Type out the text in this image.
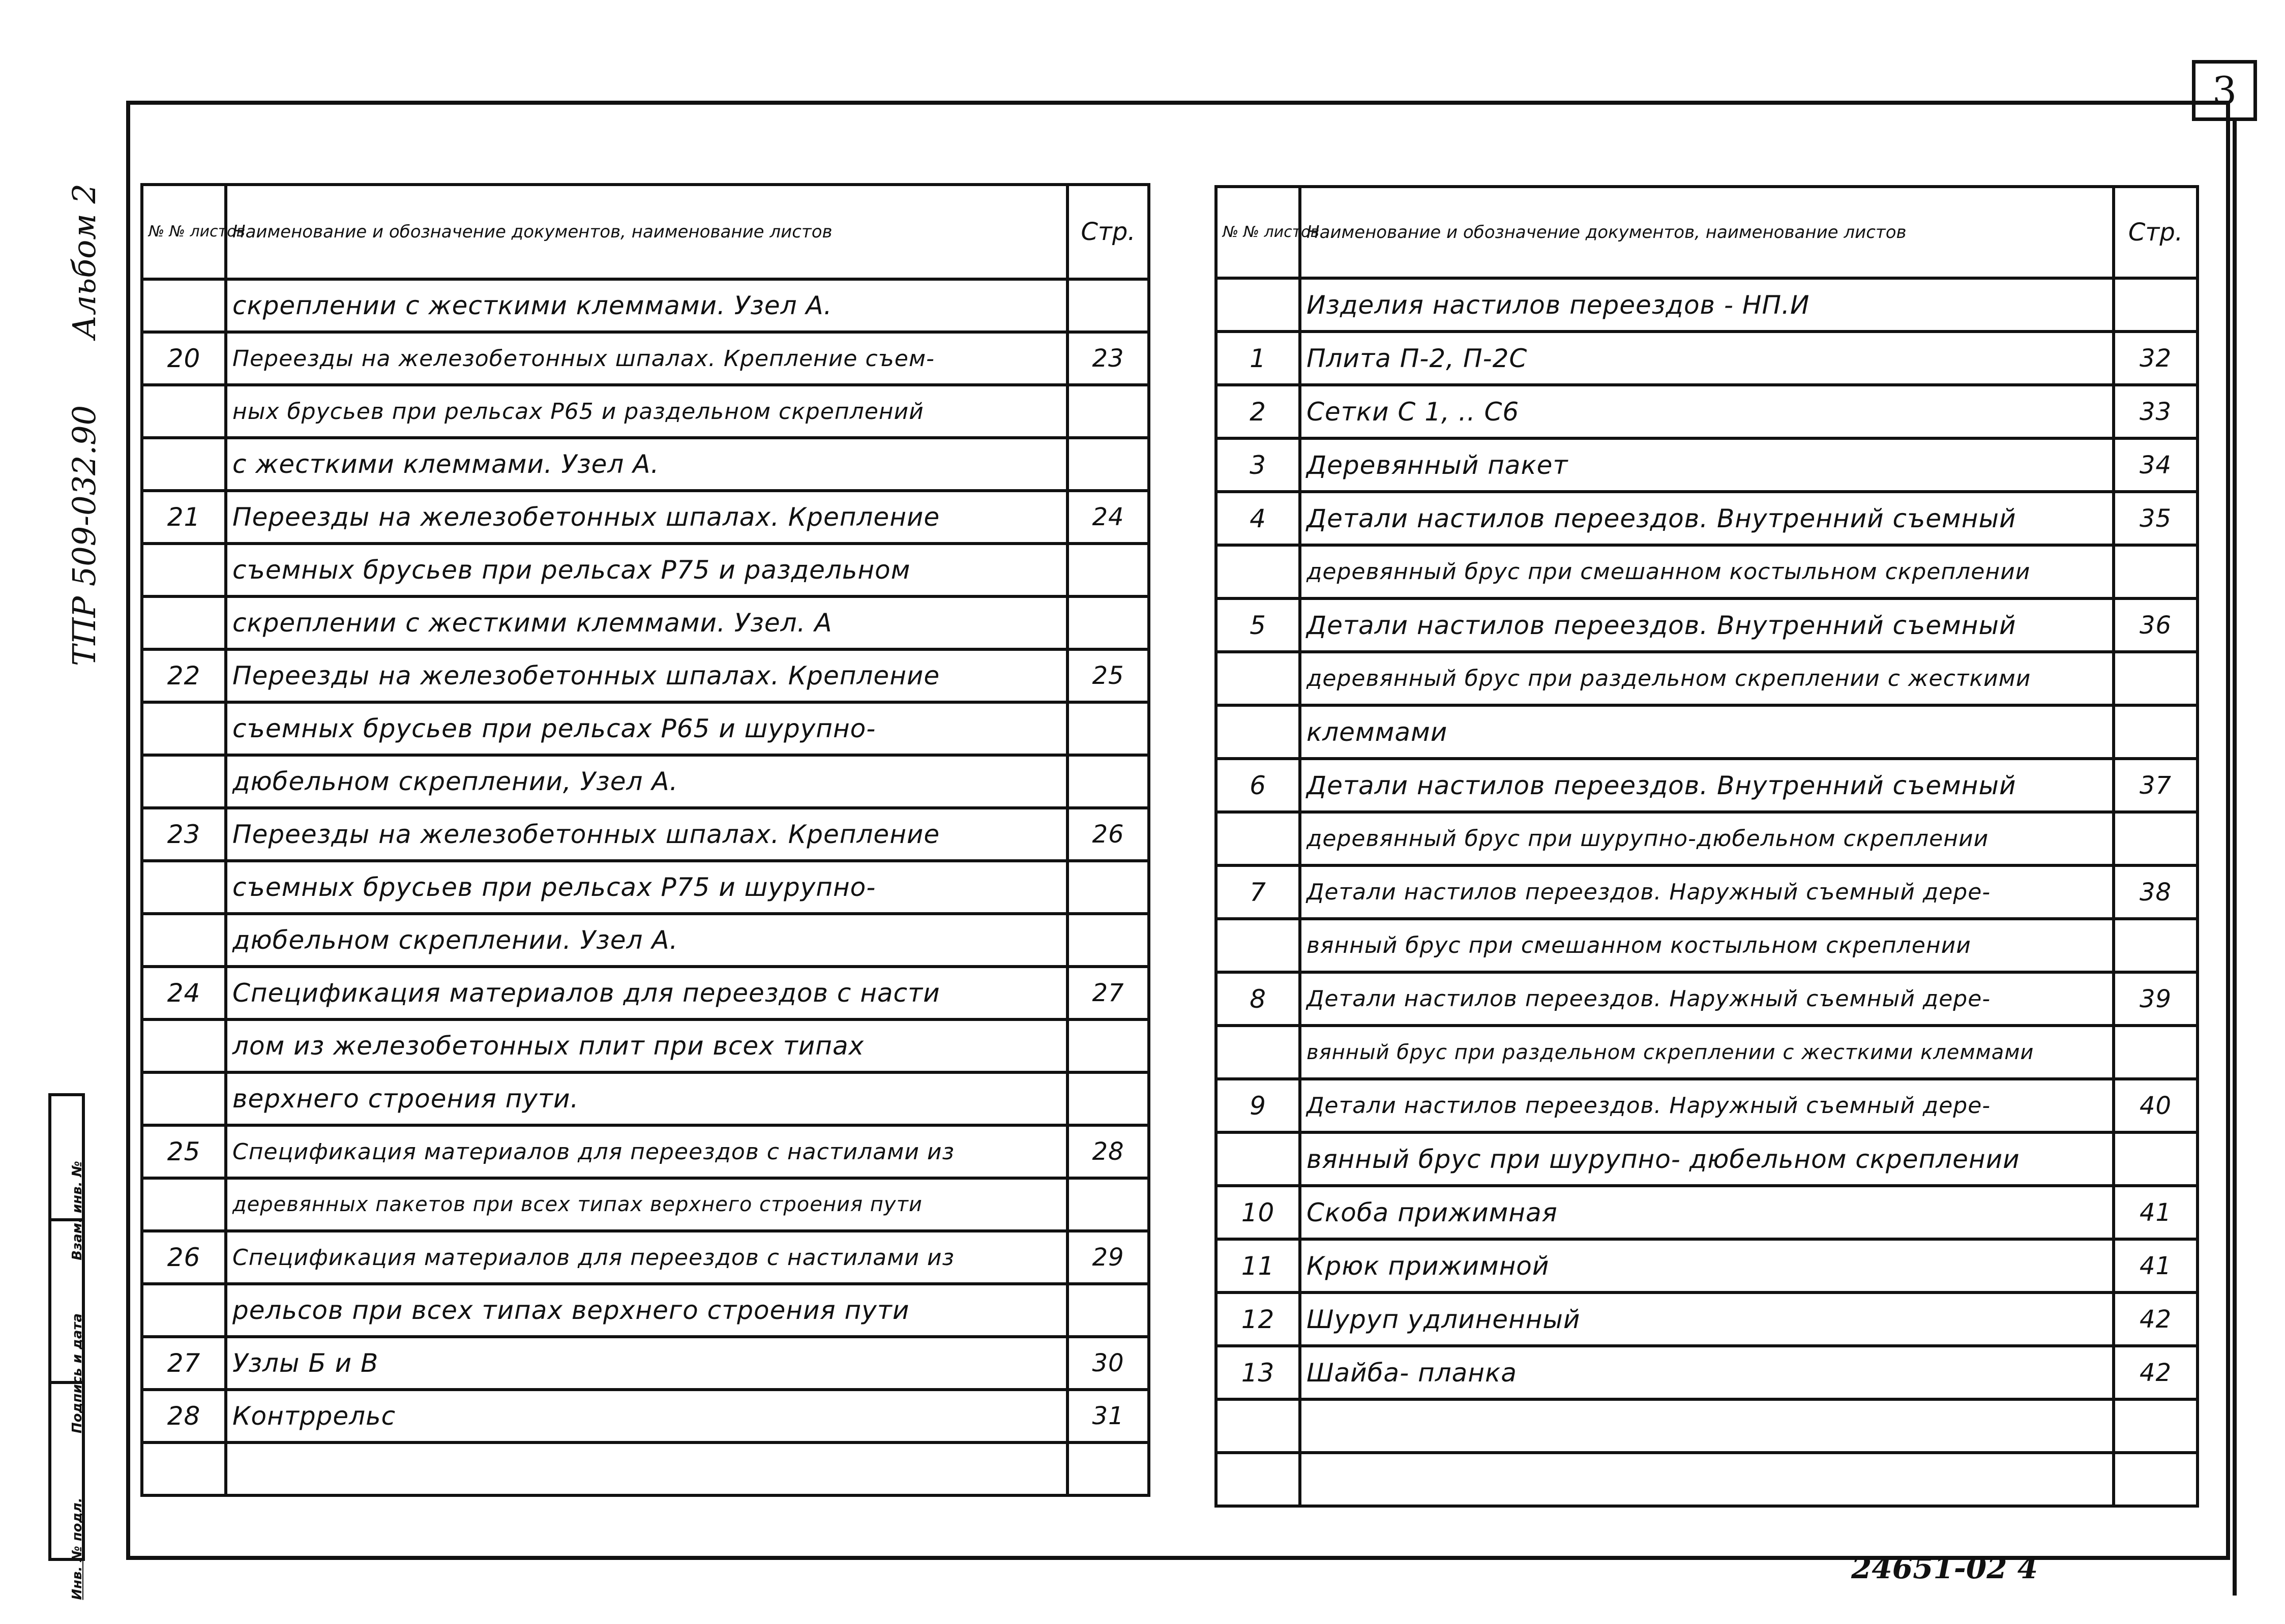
3
ТПР 509-032.90
Альбом 2
Взам. инв. №
Подпись и дата
Инв. № подл.
№ № листов	Наименование и обозначение документов, наименование листов	Стр.
	скреплении с жесткими клеммами. Узел А.	
20	Переезды на железобетонных шпалах. Крепление съем-	23
	ных брусьев при рельсах Р65 и раздельном скреплений	
	с жесткими клеммами. Узел А.	
21	Переезды на железобетонных шпалах. Крепление	24
	съемных брусьев при рельсах Р75 и раздельном	
	скреплении с жесткими клеммами. Узел. А	
22	Переезды на железобетонных шпалах. Крепление	25
	съемных брусьев при рельсах Р65 и шурупно-	
	дюбельном скреплении, Узел А.	
23	Переезды на железобетонных шпалах. Крепление	26
	съемных брусьев при рельсах Р75 и шурупно-	
	дюбельном скреплении. Узел А.	
24	Спецификация материалов для переездов с насти	27
	лом из железобетонных плит при всех типах	
	верхнего строения пути.	
25	Спецификация материалов для переездов с настилами из	28
	деревянных пакетов при всех типах верхнего строения пути	
26	Спецификация материалов для переездов с настилами из	29
	рельсов при всех типах верхнего строения пути	
27	Узлы Б и В	30
28	Контррельс	31

№ № листов	Наименование и обозначение документов, наименование листов	Стр.
	Изделия настилов переездов - НП.И	
1	Плита П-2, П-2С	32
2	Сетки С 1, .. С6	33
3	Деревянный пакет	34
4	Детали настилов переездов. Внутренний съемный	35
	деревянный брус при смешанном костыльном скреплении	
5	Детали настилов переездов. Внутренний съемный	36
	деревянный брус при раздельном скреплении с жесткими	
	клеммами	
6	Детали настилов переездов. Внутренний съемный	37
	деревянный брус при шурупно-дюбельном скреплении	
7	Детали настилов переездов. Наружный съемный дере-	38
	вянный брус при смешанном костыльном скреплении	
8	Детали настилов переездов. Наружный съемный дере-	39
	вянный брус при раздельном скреплении с жесткими клеммами	
9	Детали настилов переездов. Наружный съемный дере-	40
	вянный брус при шурупно- дюбельном скреплении	
10	Скоба прижимная	41
11	Крюк прижимной	41
12	Шуруп удлиненный	42
13	Шайба- планка	42

24651-02 4
